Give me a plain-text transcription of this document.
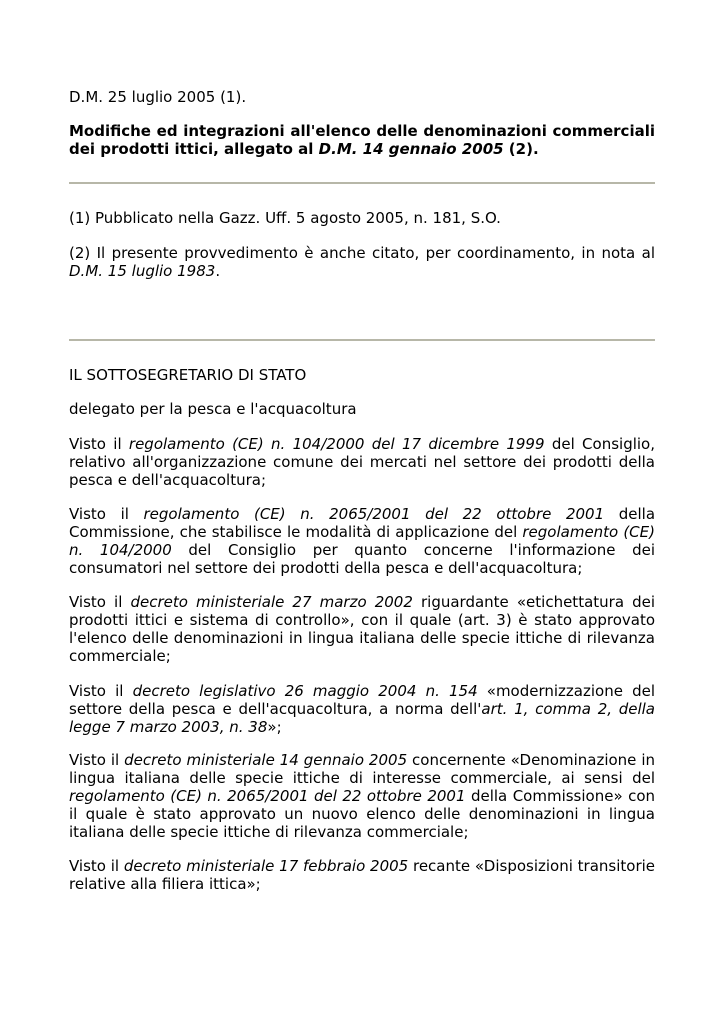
D.M. 25 luglio 2005 (1).

Modifiche ed integrazioni all'elenco delle denominazioni commerciali dei prodotti ittici, allegato al D.M. 14 gennaio 2005 (2).

(1) Pubblicato nella Gazz. Uff. 5 agosto 2005, n. 181, S.O.

(2) Il presente provvedimento è anche citato, per coordinamento, in nota al D.M. 15 luglio 1983.

IL SOTTOSEGRETARIO DI STATO

delegato per la pesca e l'acquacoltura

Visto il regolamento (CE) n. 104/2000 del 17 dicembre 1999 del Consiglio, relativo all'organizzazione comune dei mercati nel settore dei prodotti della pesca e dell'acquacoltura;

Visto il regolamento (CE) n. 2065/2001 del 22 ottobre 2001 della Commissione, che stabilisce le modalità di applicazione del regolamento (CE) n. 104/2000 del Consiglio per quanto concerne l'informazione dei consumatori nel settore dei prodotti della pesca e dell'acquacoltura;

Visto il decreto ministeriale 27 marzo 2002 riguardante «etichettatura dei prodotti ittici e sistema di controllo», con il quale (art. 3) è stato approvato l'elenco delle denominazioni in lingua italiana delle specie ittiche di rilevanza commerciale;

Visto il decreto legislativo 26 maggio 2004 n. 154 «modernizzazione del settore della pesca e dell'acquacoltura, a norma dell'art. 1, comma 2, della legge 7 marzo 2003, n. 38»;

Visto il decreto ministeriale 14 gennaio 2005 concernente «Denominazione in lingua italiana delle specie ittiche di interesse commerciale, ai sensi del regolamento (CE) n. 2065/2001 del 22 ottobre 2001 della Commissione» con il quale è stato approvato un nuovo elenco delle denominazioni in lingua italiana delle specie ittiche di rilevanza commerciale;

Visto il decreto ministeriale 17 febbraio 2005 recante «Disposizioni transitorie relative alla filiera ittica»;
